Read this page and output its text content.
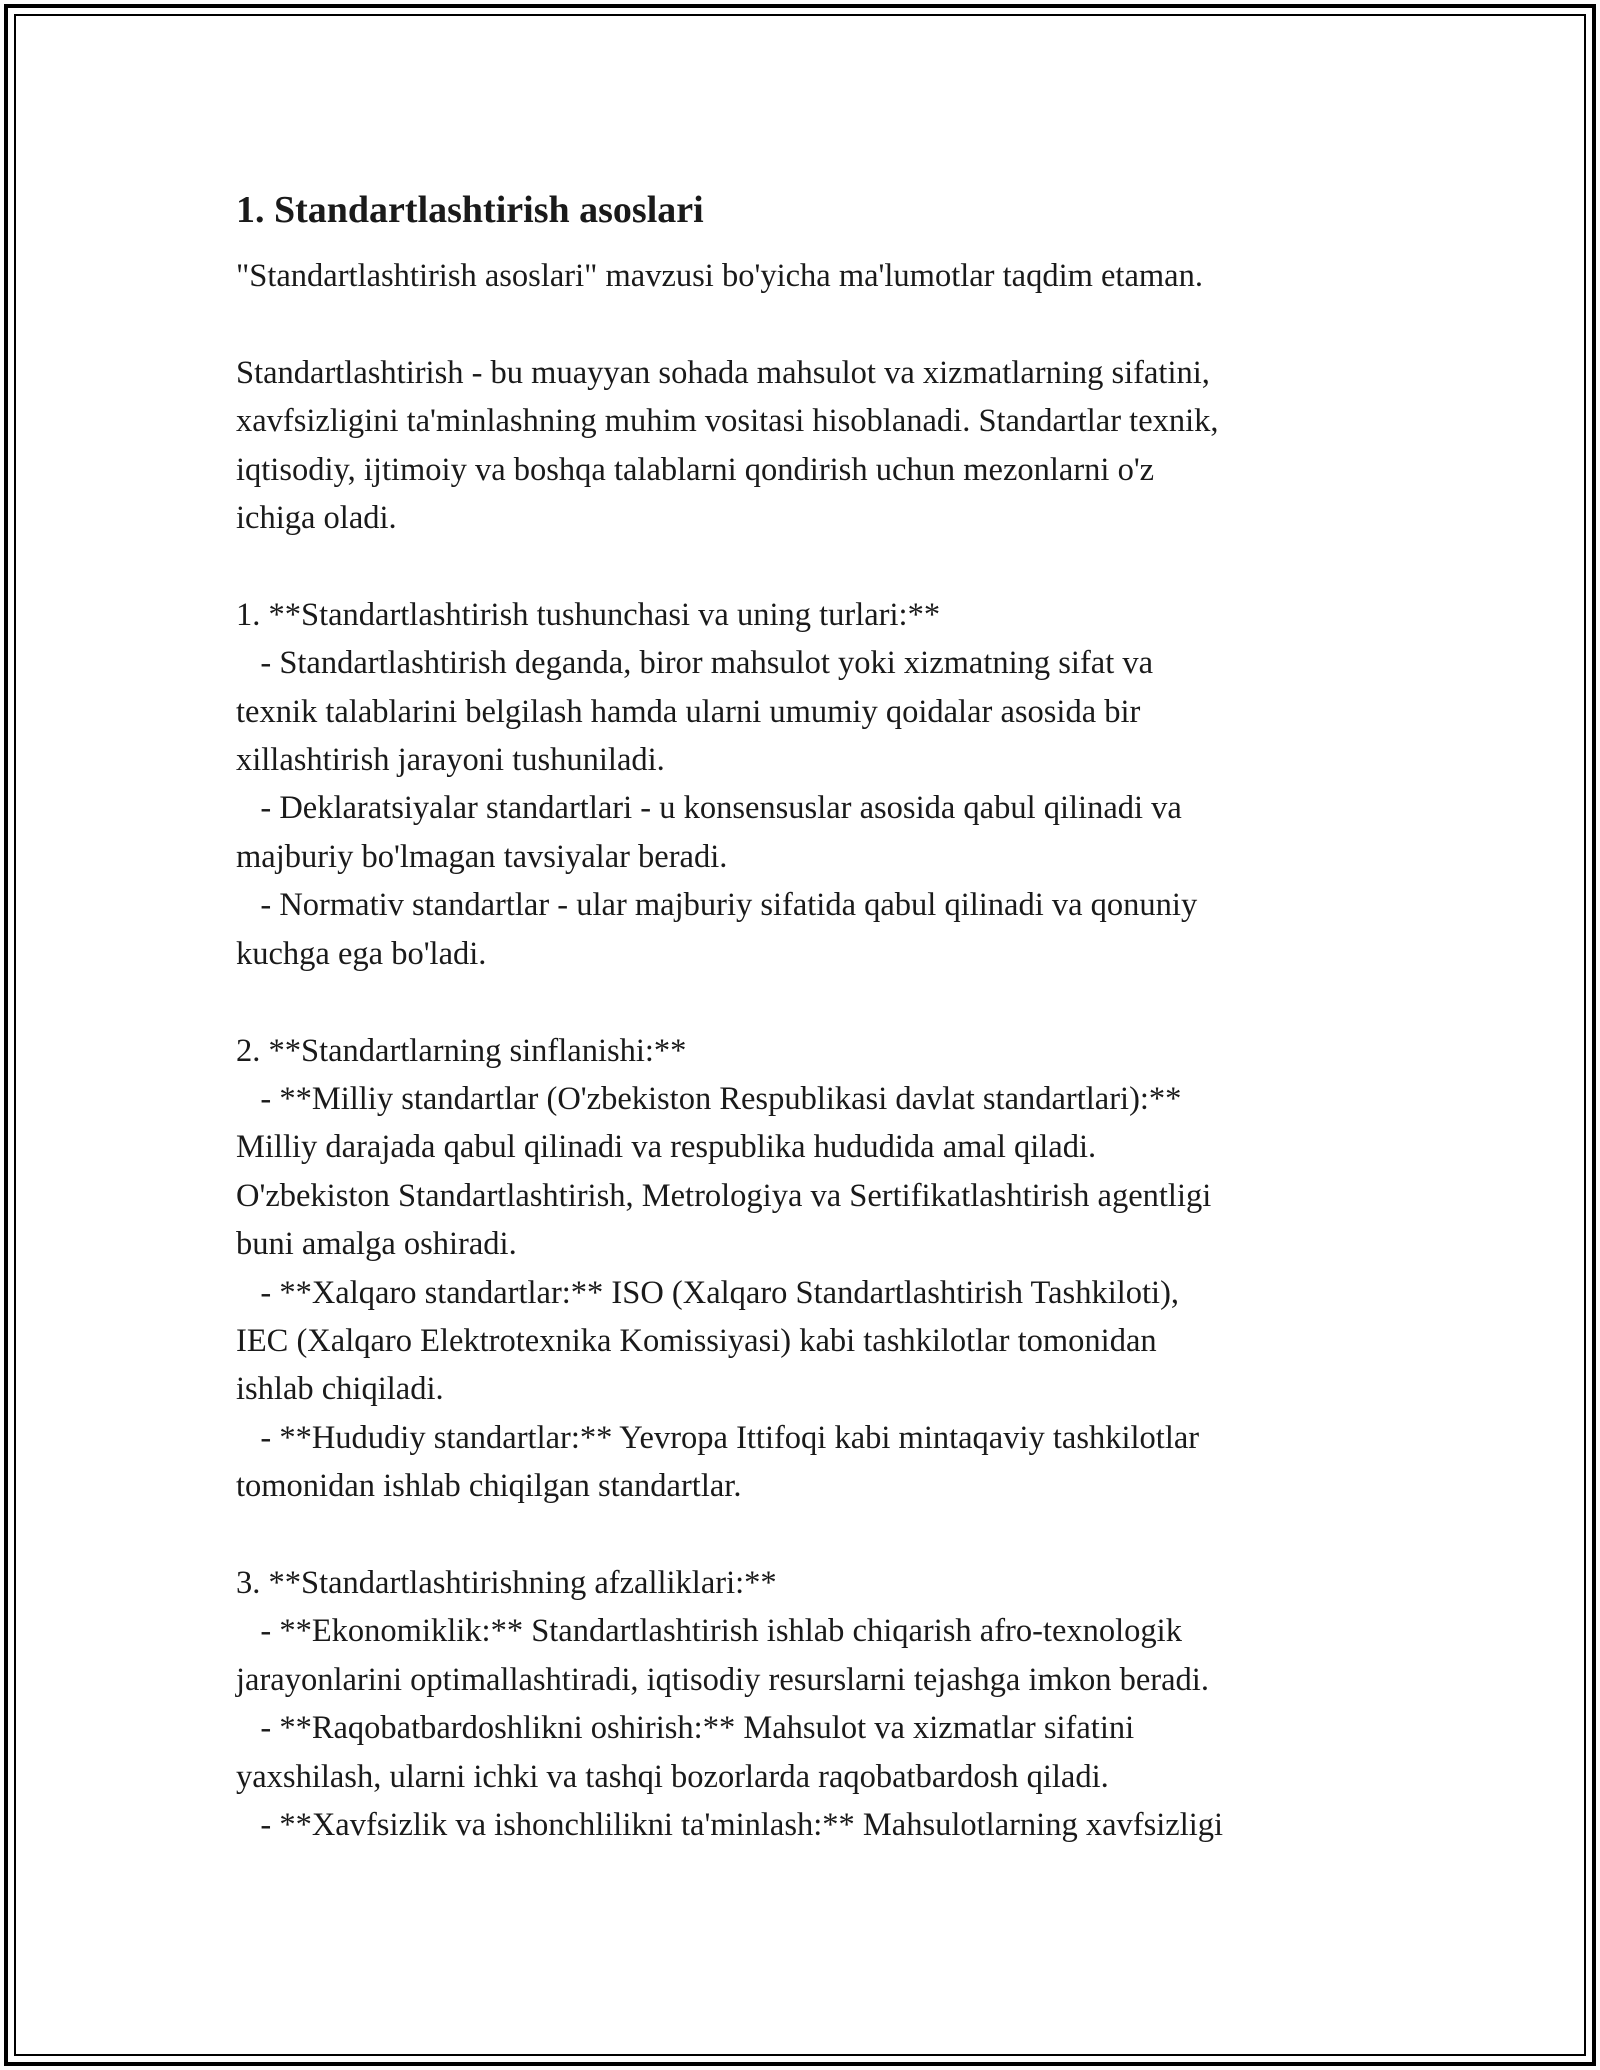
1. Standartlashtirish asoslari
"Standartlashtirish asoslari" mavzusi bo'yicha ma'lumotlar taqdim etaman.

Standartlashtirish - bu muayyan sohada mahsulot va xizmatlarning sifatini,
xavfsizligini ta'minlashning muhim vositasi hisoblanadi. Standartlar texnik,
iqtisodiy, ijtimoiy va boshqa talablarni qondirish uchun mezonlarni o'z
ichiga oladi.

1. **Standartlashtirish tushunchasi va uning turlari:**
- Standartlashtirish deganda, biror mahsulot yoki xizmatning sifat va
texnik talablarini belgilash hamda ularni umumiy qoidalar asosida bir
xillashtirish jarayoni tushuniladi.
- Deklaratsiyalar standartlari - u konsensuslar asosida qabul qilinadi va
majburiy bo'lmagan tavsiyalar beradi.
- Normativ standartlar - ular majburiy sifatida qabul qilinadi va qonuniy
kuchga ega bo'ladi.

2. **Standartlarning sinflanishi:**
- **Milliy standartlar (O'zbekiston Respublikasi davlat standartlari):**
Milliy darajada qabul qilinadi va respublika hududida amal qiladi.
O'zbekiston Standartlashtirish, Metrologiya va Sertifikatlashtirish agentligi
buni amalga oshiradi.
- **Xalqaro standartlar:** ISO (Xalqaro Standartlashtirish Tashkiloti),
IEC (Xalqaro Elektrotexnika Komissiyasi) kabi tashkilotlar tomonidan
ishlab chiqiladi.
- **Hududiy standartlar:** Yevropa Ittifoqi kabi mintaqaviy tashkilotlar
tomonidan ishlab chiqilgan standartlar.

3. **Standartlashtirishning afzalliklari:**
- **Ekonomiklik:** Standartlashtirish ishlab chiqarish afro-texnologik
jarayonlarini optimallashtiradi, iqtisodiy resurslarni tejashga imkon beradi.
- **Raqobatbardoshlikni oshirish:** Mahsulot va xizmatlar sifatini
yaxshilash, ularni ichki va tashqi bozorlarda raqobatbardosh qiladi.
- **Xavfsizlik va ishonchlilikni ta'minlash:** Mahsulotlarning xavfsizligi
